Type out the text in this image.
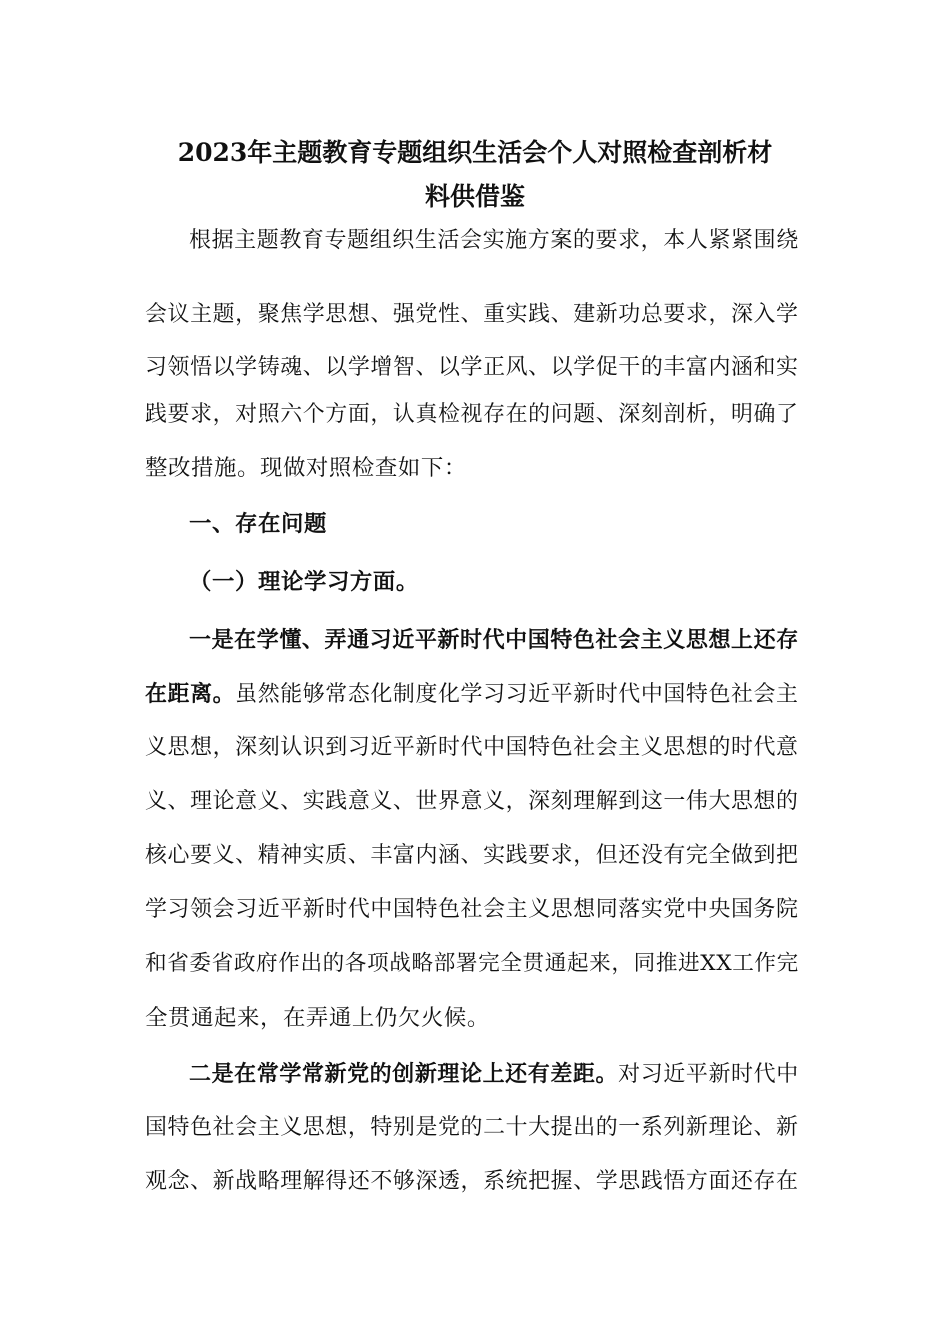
2023年主题教育专题组织生活会个人对照检查剖析材
料供借鉴
根据主题教育专题组织生活会实施方案的要求，本人紧紧围绕
会议主题，聚焦学思想、强党性、重实践、建新功总要求，深入学
习领悟以学铸魂、以学增智、以学正风、以学促干的丰富内涵和实
践要求，对照六个方面，认真检视存在的问题、深刻剖析，明确了
整改措施。现做对照检查如下：
一、存在问题
（一）理论学习方面。
一是在学懂、弄通习近平新时代中国特色社会主义思想上还存
在距离。虽然能够常态化制度化学习习近平新时代中国特色社会主
义思想，深刻认识到习近平新时代中国特色社会主义思想的时代意
义、理论意义、实践意义、世界意义，深刻理解到这一伟大思想的
核心要义、精神实质、丰富内涵、实践要求，但还没有完全做到把
学习领会习近平新时代中国特色社会主义思想同落实党中央国务院
和省委省政府作出的各项战略部署完全贯通起来，同推进XX工作完
全贯通起来，在弄通上仍欠火候。
二是在常学常新党的创新理论上还有差距。对习近平新时代中
国特色社会主义思想，特别是党的二十大提出的一系列新理论、新
观念、新战略理解得还不够深透，系统把握、学思践悟方面还存在
